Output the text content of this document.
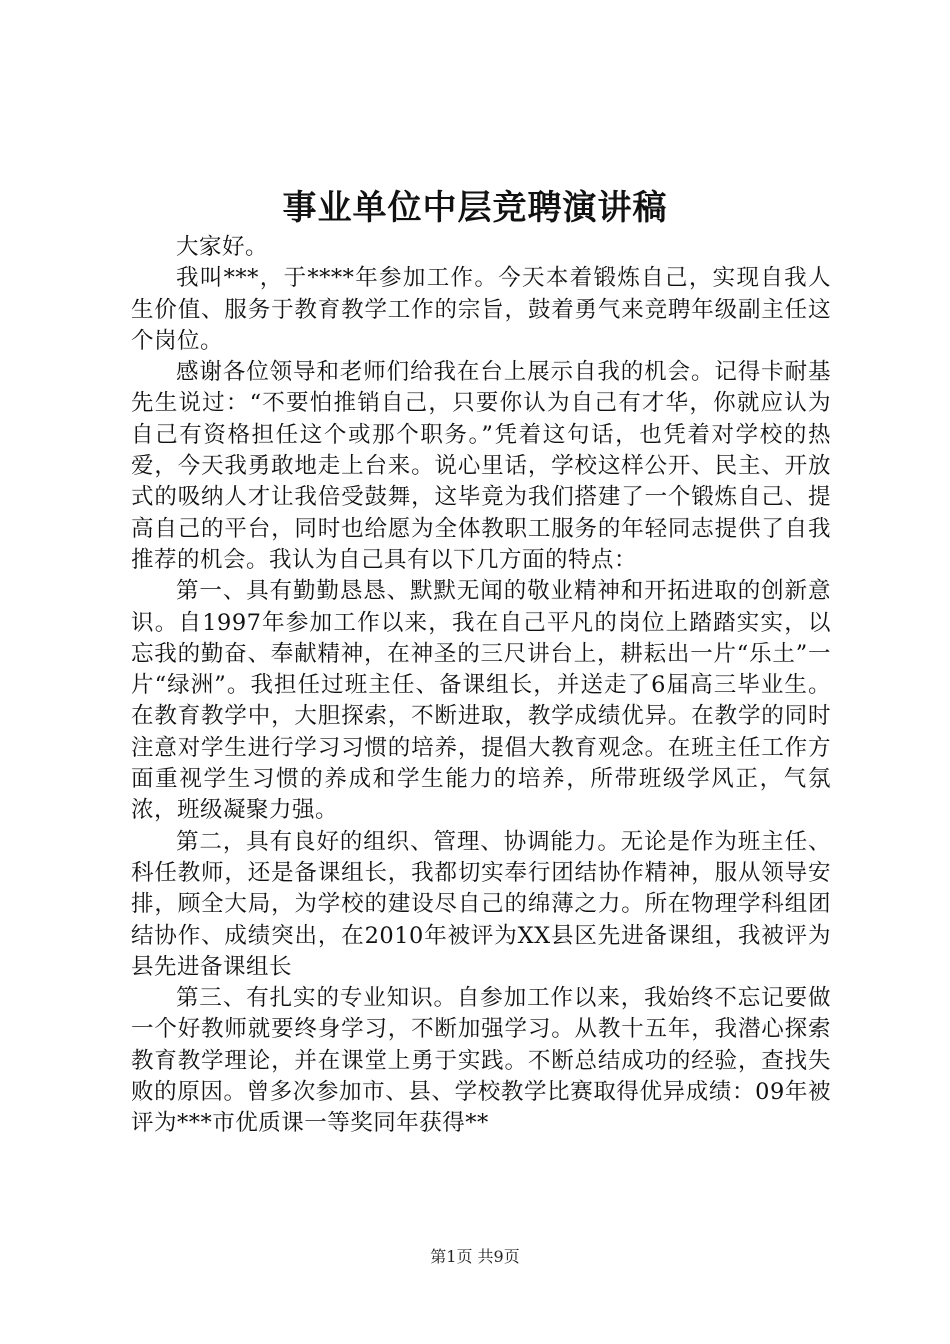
事业单位中层竞聘演讲稿

大家好。

我叫***，于****年参加工作。今天本着锻炼自己，实现自我人生价值、服务于教育教学工作的宗旨，鼓着勇气来竞聘年级副主任这个岗位。

感谢各位领导和老师们给我在台上展示自我的机会。记得卡耐基先生说过：“不要怕推销自己，只要你认为自己有才华，你就应认为自己有资格担任这个或那个职务。”凭着这句话，也凭着对学校的热爱，今天我勇敢地走上台来。说心里话，学校这样公开、民主、开放式的吸纳人才让我倍受鼓舞，这毕竟为我们搭建了一个锻炼自己、提高自己的平台，同时也给愿为全体教职工服务的年轻同志提供了自我推荐的机会。我认为自己具有以下几方面的特点：

第一、具有勤勤恳恳、默默无闻的敬业精神和开拓进取的创新意识。自1997年参加工作以来，我在自己平凡的岗位上踏踏实实，以忘我的勤奋、奉献精神，在神圣的三尺讲台上，耕耘出一片“乐土”一片“绿洲”。我担任过班主任、备课组长，并送走了6届高三毕业生。在教育教学中，大胆探索，不断进取，教学成绩优异。在教学的同时注意对学生进行学习习惯的培养，提倡大教育观念。在班主任工作方面重视学生习惯的养成和学生能力的培养，所带班级学风正，气氛浓，班级凝聚力强。

第二，具有良好的组织、管理、协调能力。无论是作为班主任、科任教师，还是备课组长，我都切实奉行团结协作精神，服从领导安排，顾全大局，为学校的建设尽自己的绵薄之力。所在物理学科组团结协作、成绩突出，在2010年被评为XX县区先进备课组，我被评为县先进备课组长

第三、有扎实的专业知识。自参加工作以来，我始终不忘记要做一个好教师就要终身学习，不断加强学习。从教十五年，我潜心探索教育教学理论，并在课堂上勇于实践。不断总结成功的经验，查找失败的原因。曾多次参加市、县、学校教学比赛取得优异成绩：09年被评为***市优质课一等奖同年获得**

第1页 共9页
